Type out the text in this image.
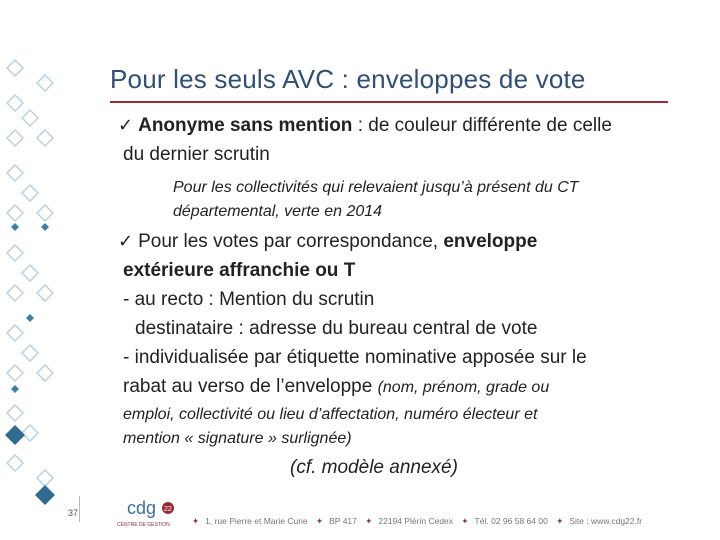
Pour les seuls AVC : enveloppes de vote
✓ Anonyme sans mention : de couleur différente de celle
du dernier scrutin
Pour les collectivités qui relevaient jusqu’à présent du CT
départemental, verte en 2014
✓ Pour les votes par correspondance, enveloppe
extérieure affranchie ou T
- au recto : Mention du scrutin
destinataire : adresse du bureau central de vote
- individualisée par étiquette nominative apposée sur le
rabat au verso de l’enveloppe (nom, prénom, grade ou
emploi, collectivité ou lieu d’affectation, numéro électeur et
mention « signature » surlignée)
(cf. modèle annexé)
37	cdg 22
CENTRE DE GESTION	✦ 1, rue Pierre et Marie Curie ✦ BP 417 ✦ 22194 Plérin Cedex ✦ Tél. 02 96 58 64 00 ✦ Site : www.cdg22.fr
